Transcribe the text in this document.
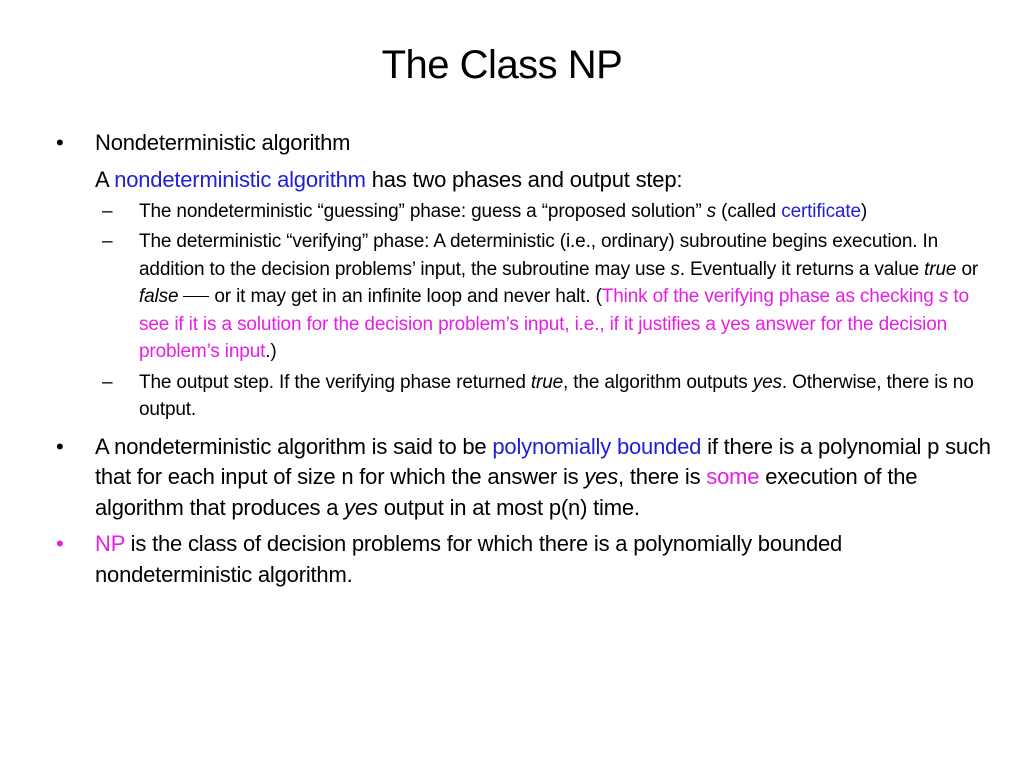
The Class NP
• Nondeterministic algorithm
A nondeterministic algorithm has two phases and output step:
– The nondeterministic “guessing” phase: guess a “proposed solution” s (called certificate)
– The deterministic “verifying” phase: A deterministic (i.e., ordinary) subroutine begins execution. In addition to the decision problems’ input, the subroutine may use s. Eventually it returns a value true or false or it may get in an infinite loop and never halt. (Think of the verifying phase as checking s to see if it is a solution for the decision problem’s input, i.e., if it justifies a yes answer for the decision problem’s input.)
– The output step. If the verifying phase returned true, the algorithm outputs yes. Otherwise, there is no output.
• A nondeterministic algorithm is said to be polynomially bounded if there is a polynomial p such that for each input of size n for which the answer is yes, there is some execution of the algorithm that produces a yes output in at most p(n) time.
• NP is the class of decision problems for which there is a polynomially bounded nondeterministic algorithm.
